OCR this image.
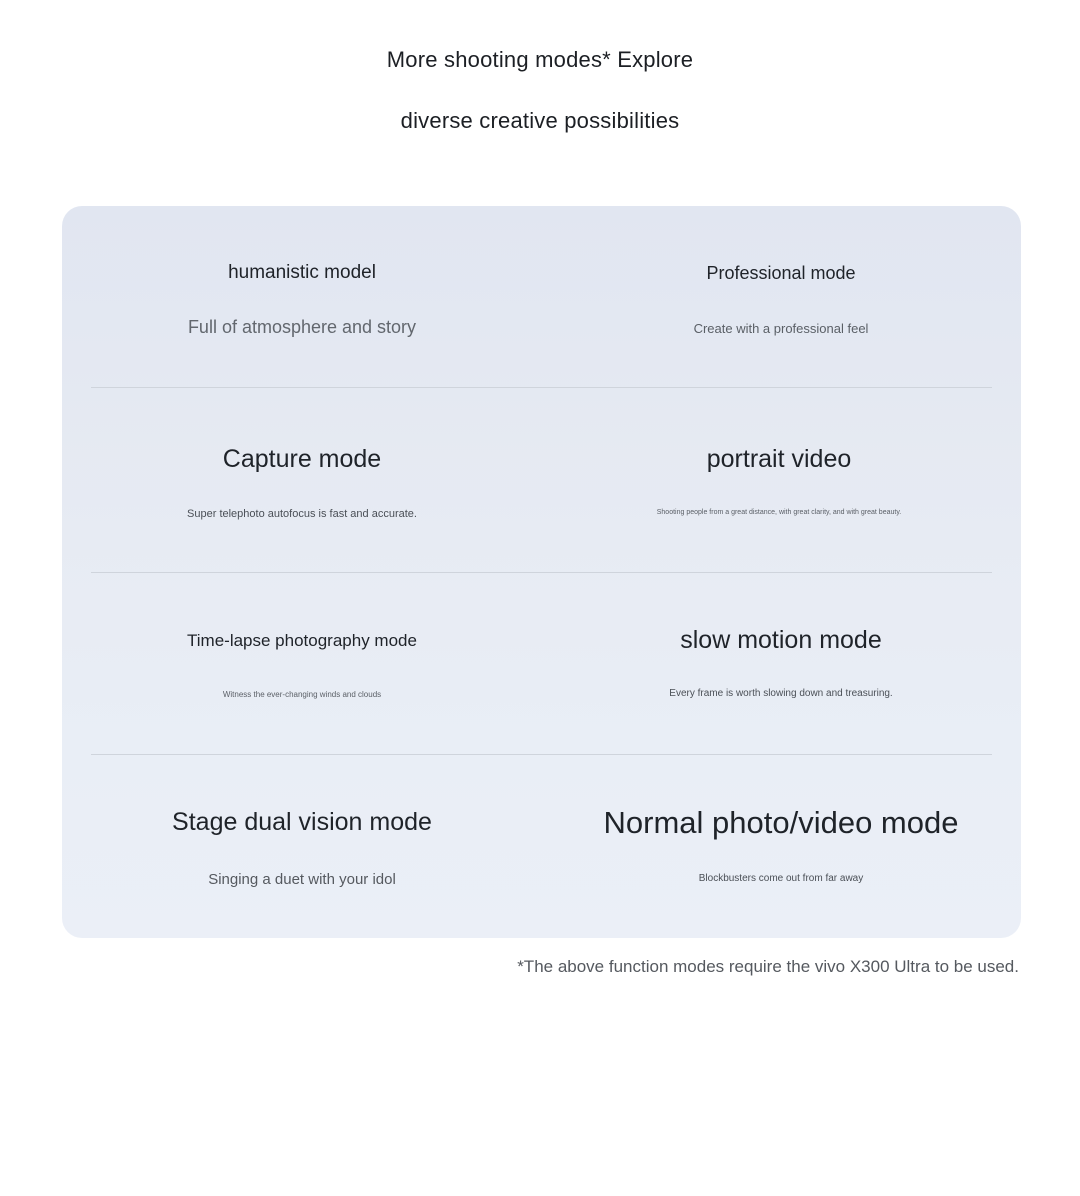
More shooting modes* Explore
diverse creative possibilities
humanistic model
Full of atmosphere and story
Professional mode
Create with a professional feel
Capture mode
Super telephoto autofocus is fast and accurate.
portrait video
Shooting people from a great distance, with great clarity, and with great beauty.
Time-lapse photography mode
Witness the ever-changing winds and clouds
slow motion mode
Every frame is worth slowing down and treasuring.
Stage dual vision mode
Singing a duet with your idol
Normal photo/video mode
Blockbusters come out from far away
*The above function modes require the vivo X300 Ultra to be used.
